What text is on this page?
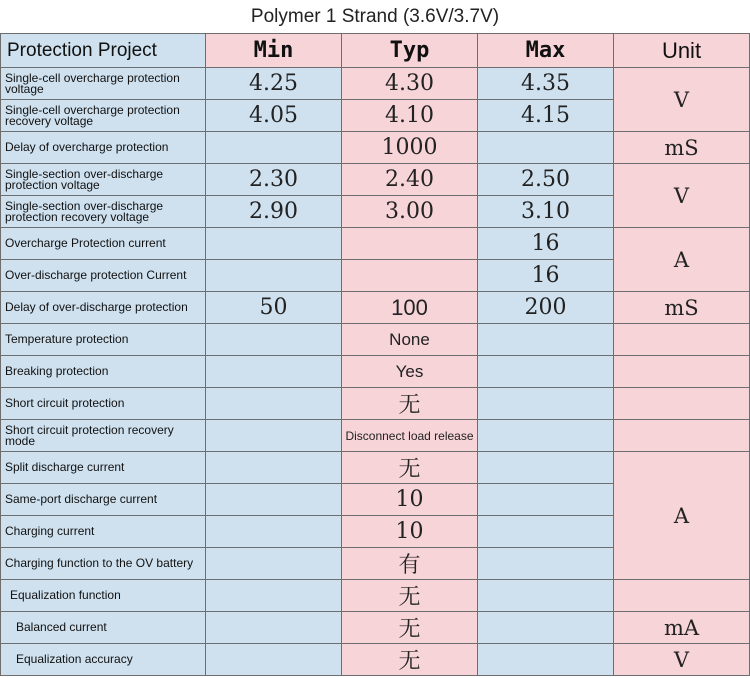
Polymer 1 Strand (3.6V/3.7V)
Protection Project	Min	Typ	Max	Unit
Single-cell overcharge protection voltage	4.25	4.30	4.35	V
Single-cell overcharge protection recovery voltage	4.05	4.10	4.15	
Delay of overcharge protection		1000		mS
Single-section over-discharge protection voltage	2.30	2.40	2.50	V
Single-section over-discharge protection recovery voltage	2.90	3.00	3.10	
Overcharge Protection current			16	A
Over-discharge protection Current			16	
Delay of over-discharge protection	50	100	200	mS
Temperature protection		None		
Breaking protection		Yes		
Short circuit protection		无		
Short circuit protection recovery mode		Disconnect load release		
Split discharge current		无		A
Same-port discharge current		10		
Charging current		10		
Charging function to the OV battery		有		
Equalization function		无		
Balanced current		无		mA
Equalization accuracy		无		V
